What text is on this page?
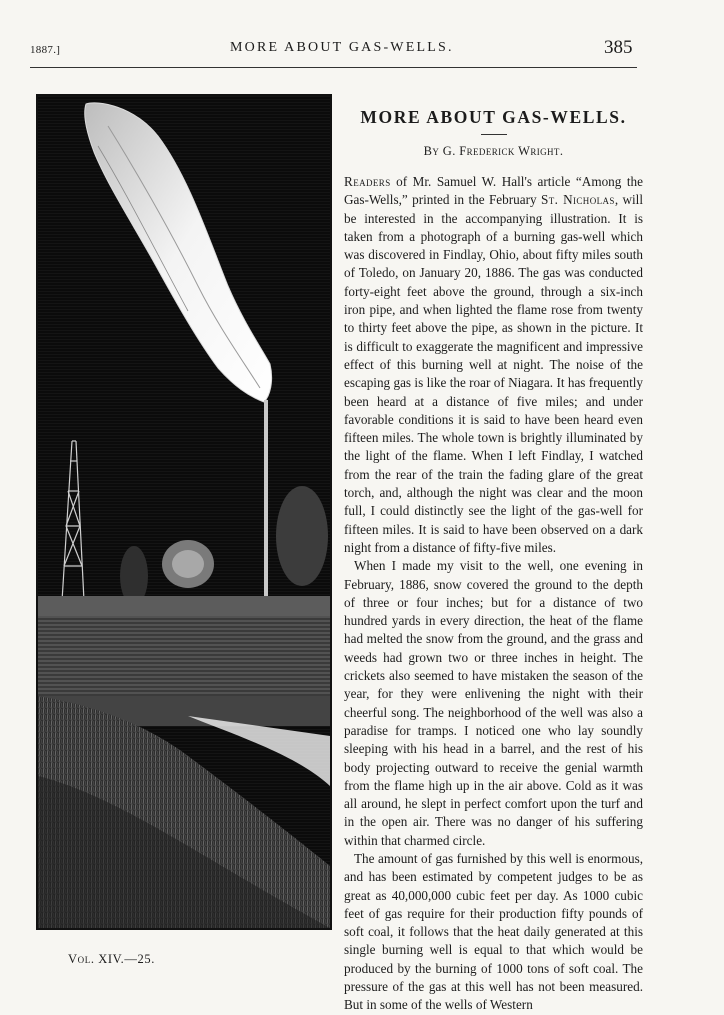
1887.]	MORE ABOUT GAS-WELLS.	385
MORE ABOUT GAS-WELLS.
By G. Frederick Wright.

Readers of Mr. Samuel W. Hall's article “Among the Gas-Wells,” printed in the February St. Nicholas, will be interested in the accompanying illustration. It is taken from a photograph of a burning gas-well which was discovered in Findlay, Ohio, about fifty miles south of Toledo, on January 20, 1886. The gas was conducted forty-eight feet above the ground, through a six-inch iron pipe, and when lighted the flame rose from twenty to thirty feet above the pipe, as shown in the picture. It is difficult to exaggerate the magnificent and impressive effect of this burning well at night. The noise of the escaping gas is like the roar of Niagara. It has frequently been heard at a distance of five miles; and under favorable conditions it is said to have been heard even fifteen miles. The whole town is brightly illuminated by the light of the flame. When I left Findlay, I watched from the rear of the train the fading glare of the great torch, and, although the night was clear and the moon full, I could distinctly see the light of the gas-well for fifteen miles. It is said to have been observed on a dark night from a distance of fifty-five miles.

When I made my visit to the well, one evening in February, 1886, snow covered the ground to the depth of three or four inches; but for a distance of two hundred yards in every direction, the heat of the flame had melted the snow from the ground, and the grass and weeds had grown two or three inches in height. The crickets also seemed to have mistaken the season of the year, for they were enlivening the night with their cheerful song. The neighborhood of the well was also a paradise for tramps. I noticed one who lay soundly sleeping with his head in a barrel, and the rest of his body projecting outward to receive the genial warmth from the flame high up in the air above. Cold as it was all around, he slept in perfect comfort upon the turf and in the open air. There was no danger of his suffering within that charmed circle.

The amount of gas furnished by this well is enormous, and has been estimated by competent judges to be as great as 40,000,000 cubic feet per day. As 1000 cubic feet of gas require for their production fifty pounds of soft coal, it follows that the heat daily generated at this single burning well is equal to that which would be produced by the burning of 1000 tons of soft coal. The pressure of the gas at this well has not been measured. But in some of the wells of Western

Vol. XIV.—25.
